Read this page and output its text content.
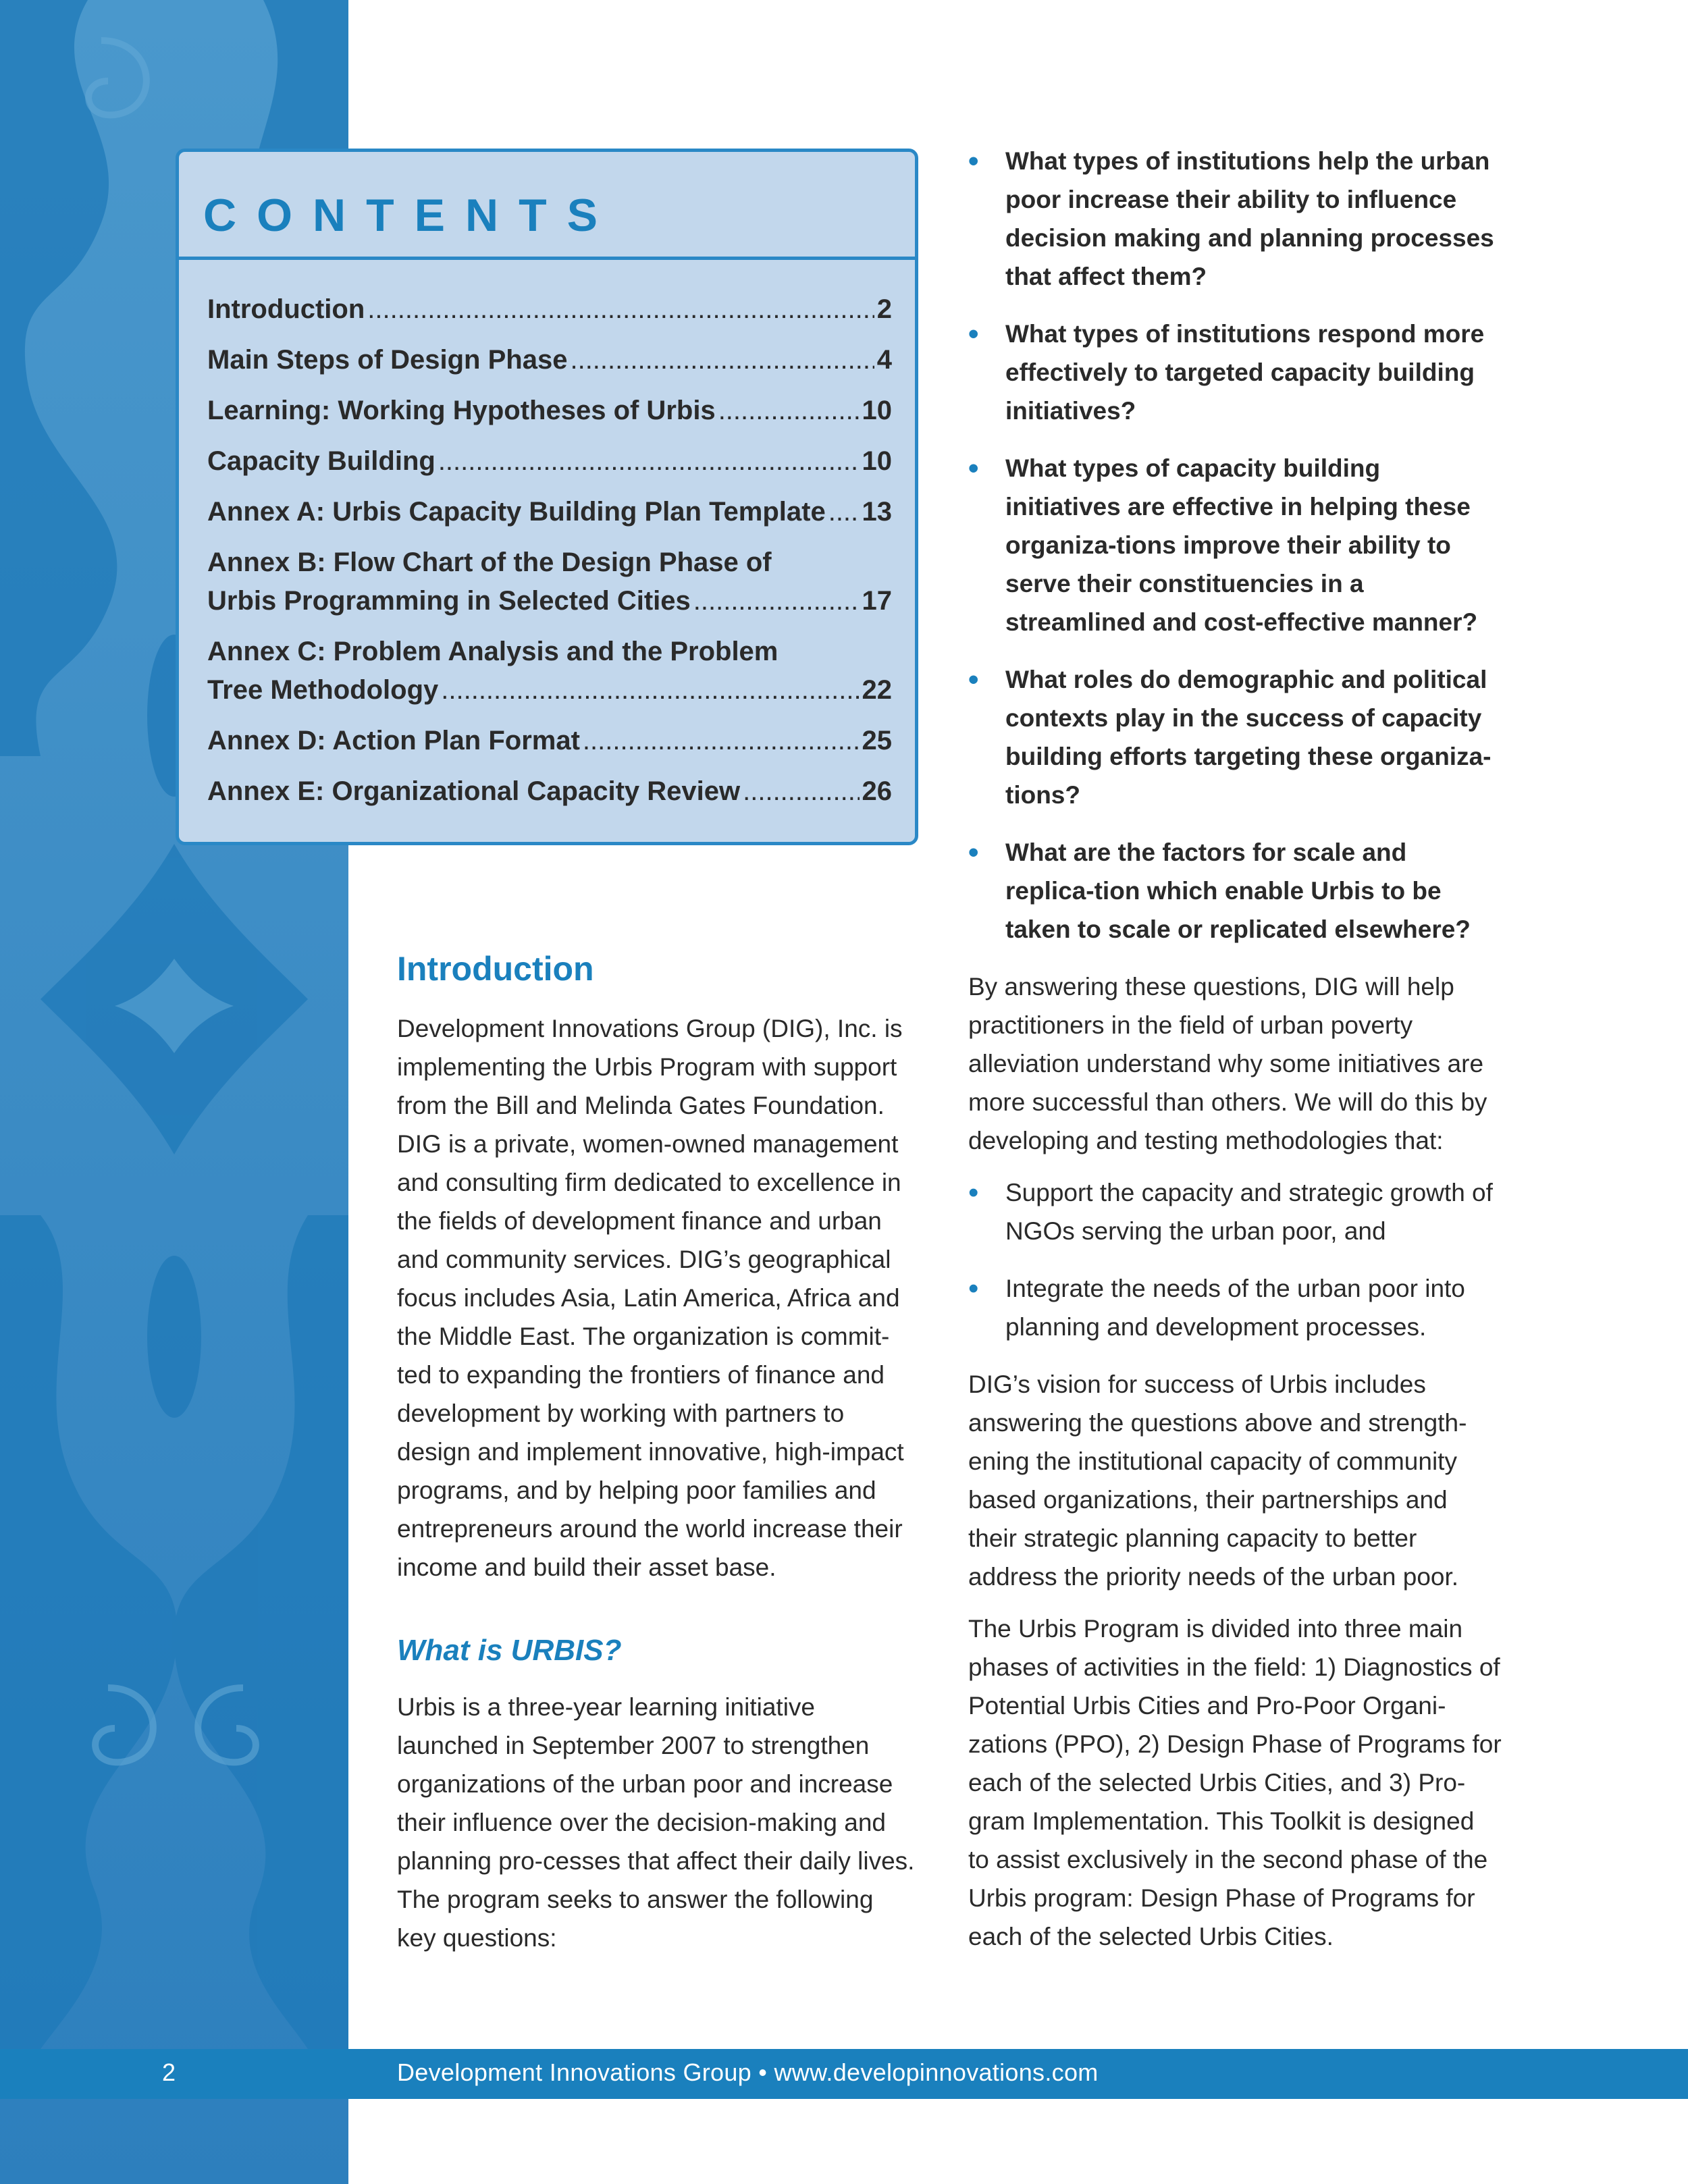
CONTENTS
Introduction .....	2
Main Steps of Design Phase .....	4
Learning: Working Hypotheses of Urbis .....	10
Capacity Building .....	10
Annex A: Urbis Capacity Building Plan Template ..... 13
Annex B: Flow Chart of the Design Phase of
Urbis Programming in Selected Cities .....	17
Annex C: Problem Analysis and the Problem
Tree Methodology .....	22
Annex D: Action Plan Format .....	25
Annex E: Organizational Capacity Review .....	26
Introduction

Development Innovations Group (DIG), Inc. is implementing the Urbis Program with support from the Bill and Melinda Gates Foundation. DIG is a private, women-owned management and consulting firm dedicated to excellence in the fields of development finance and urban and community services. DIG’s geographical focus includes Asia, Latin America, Africa and the Middle East. The organization is commit-ted to expanding the frontiers of finance and development by working with partners to design and implement innovative, high-impact programs, and by helping poor families and entrepreneurs around the world increase their income and build their asset base.

What is URBIS?

Urbis is a three-year learning initiative launched in September 2007 to strengthen organizations of the urban poor and increase their influence over the decision-making and planning pro-cesses that affect their daily lives. The program seeks to answer the following key questions:

• What types of institutions help the urban poor increase their ability to influence decision making and planning processes that affect them?
• What types of institutions respond more effectively to targeted capacity building initiatives?
• What types of capacity building initiatives are effective in helping these organiza-tions improve their ability to serve their constituencies in a streamlined and cost-effective manner?
• What roles do demographic and political contexts play in the success of capacity building efforts targeting these organiza-tions?
• What are the factors for scale and replica-tion which enable Urbis to be taken to scale or replicated elsewhere?

By answering these questions, DIG will help practitioners in the field of urban poverty alleviation understand why some initiatives are more successful than others. We will do this by developing and testing methodologies that:

• Support the capacity and strategic growth of NGOs serving the urban poor, and
• Integrate the needs of the urban poor into planning and development processes.

DIG’s vision for success of Urbis includes answering the questions above and strength-ening the institutional capacity of community based organizations, their partnerships and their strategic planning capacity to better address the priority needs of the urban poor.

The Urbis Program is divided into three main phases of activities in the field: 1) Diagnostics of Potential Urbis Cities and Pro-Poor Organi-zations (PPO), 2) Design Phase of Programs for each of the selected Urbis Cities, and 3) Pro-gram Implementation. This Toolkit is designed to assist exclusively in the second phase of the Urbis program: Design Phase of Programs for each of the selected Urbis Cities.

2	Development Innovations Group • www.developinnovations.com
